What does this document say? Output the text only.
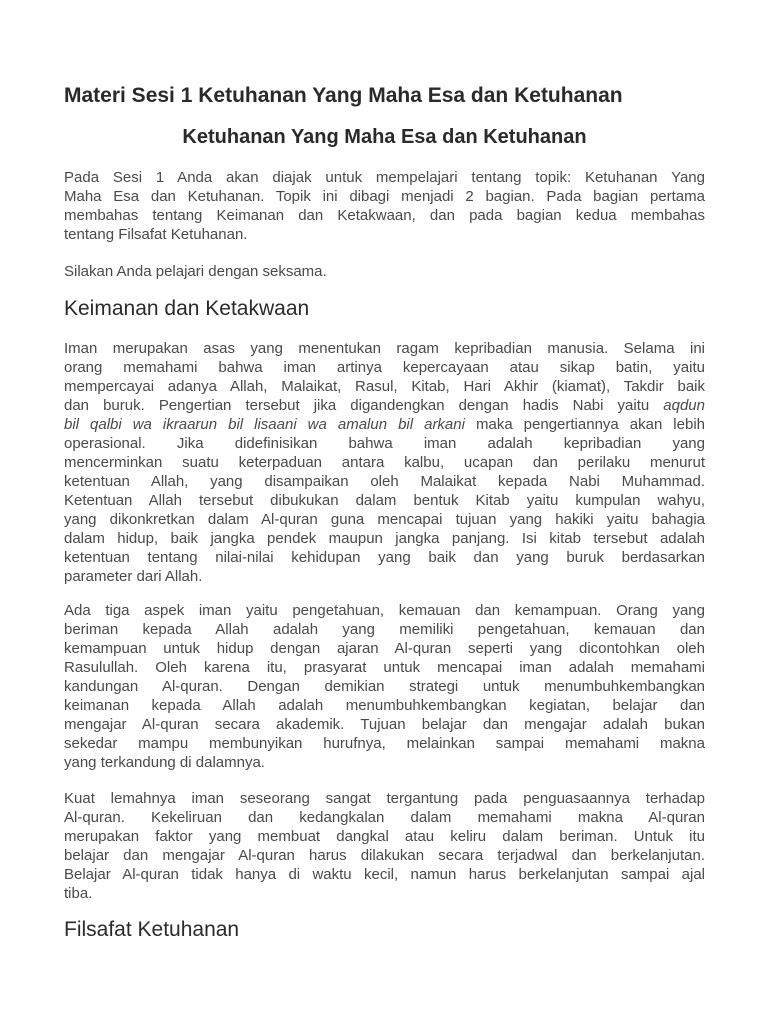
Materi Sesi 1 Ketuhanan Yang Maha Esa dan Ketuhanan
Ketuhanan Yang Maha Esa dan Ketuhanan

Pada Sesi 1 Anda akan diajak untuk mempelajari tentang topik: Ketuhanan Yang
Maha Esa dan Ketuhanan. Topik ini dibagi menjadi 2 bagian. Pada bagian pertama
membahas tentang Keimanan dan Ketakwaan, dan pada bagian kedua membahas
tentang Filsafat Ketuhanan.

Silakan Anda pelajari dengan seksama.

Keimanan dan Ketakwaan

Iman merupakan asas yang menentukan ragam kepribadian manusia. Selama ini
orang memahami bahwa iman artinya kepercayaan atau sikap batin, yaitu
mempercayai adanya Allah, Malaikat, Rasul, Kitab, Hari Akhir (kiamat), Takdir baik
dan buruk. Pengertian tersebut jika digandengkan dengan hadis Nabi yaitu aqdun
bil qalbi wa ikraarun bil lisaani wa amalun bil arkani maka pengertiannya akan lebih
operasional. Jika didefinisikan bahwa iman adalah kepribadian yang
mencerminkan suatu keterpaduan antara kalbu, ucapan dan perilaku menurut
ketentuan Allah, yang disampaikan oleh Malaikat kepada Nabi Muhammad.
Ketentuan Allah tersebut dibukukan dalam bentuk Kitab yaitu kumpulan wahyu,
yang dikonkretkan dalam Al-quran guna mencapai tujuan yang hakiki yaitu bahagia
dalam hidup, baik jangka pendek maupun jangka panjang. Isi kitab tersebut adalah
ketentuan tentang nilai-nilai kehidupan yang baik dan yang buruk berdasarkan
parameter dari Allah.

Ada tiga aspek iman yaitu pengetahuan, kemauan dan kemampuan. Orang yang
beriman kepada Allah adalah yang memiliki pengetahuan, kemauan dan
kemampuan untuk hidup dengan ajaran Al-quran seperti yang dicontohkan oleh
Rasulullah. Oleh karena itu, prasyarat untuk mencapai iman adalah memahami
kandungan Al-quran. Dengan demikian strategi untuk menumbuhkembangkan
keimanan kepada Allah adalah menumbuhkembangkan kegiatan, belajar dan
mengajar Al-quran secara akademik. Tujuan belajar dan mengajar adalah bukan
sekedar mampu membunyikan hurufnya, melainkan sampai memahami makna
yang terkandung di dalamnya.

Kuat lemahnya iman seseorang sangat tergantung pada penguasaannya terhadap
Al-quran. Kekeliruan dan kedangkalan dalam memahami makna Al-quran
merupakan faktor yang membuat dangkal atau keliru dalam beriman. Untuk itu
belajar dan mengajar Al-quran harus dilakukan secara terjadwal dan berkelanjutan.
Belajar Al-quran tidak hanya di waktu kecil, namun harus berkelanjutan sampai ajal
tiba.

Filsafat Ketuhanan
